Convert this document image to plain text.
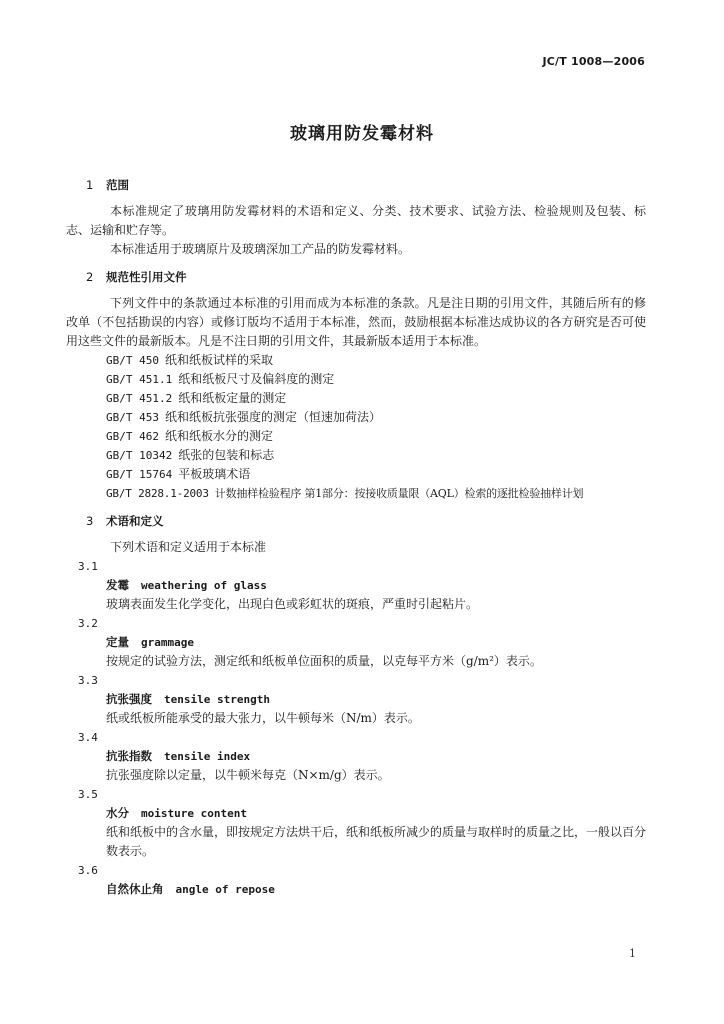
JC/T 1008—2006
玻璃用防发霉材料

1 范围

本标准规定了玻璃用防发霉材料的术语和定义、分类、技术要求、试验方法、检验规则及包装、标志、运输和贮存等。

本标准适用于玻璃原片及玻璃深加工产品的防发霉材料。

2 规范性引用文件

下列文件中的条款通过本标准的引用而成为本标准的条款。凡是注日期的引用文件，其随后所有的修改单（不包括勘误的内容）或修订版均不适用于本标准，然而，鼓励根据本标准达成协议的各方研究是否可使用这些文件的最新版本。凡是不注日期的引用文件，其最新版本适用于本标准。

GB/T 450 纸和纸板试样的采取
GB/T 451.1 纸和纸板尺寸及偏斜度的测定
GB/T 451.2 纸和纸板定量的测定
GB/T 453 纸和纸板抗张强度的测定（恒速加荷法）
GB/T 462 纸和纸板水分的测定
GB/T 10342 纸张的包装和标志
GB/T 15764 平板玻璃术语
GB/T 2828.1-2003 计数抽样检验程序 第1部分：按接收质量限（AQL）检索的逐批检验抽样计划

3 术语和定义

下列术语和定义适用于本标准

3.1

发霉 weathering of glass

玻璃表面发生化学变化，出现白色或彩虹状的斑痕，严重时引起粘片。

3.2

定量 grammage

按规定的试验方法，测定纸和纸板单位面积的质量，以克每平方米（g/m²）表示。

3.3

抗张强度 tensile strength

纸或纸板所能承受的最大张力，以牛顿每米（N/m）表示。

3.4

抗张指数 tensile index

抗张强度除以定量，以牛顿米每克（N×m/g）表示。

3.5

水分 moisture content

纸和纸板中的含水量，即按规定方法烘干后，纸和纸板所减少的质量与取样时的质量之比，一般以百分数表示。

3.6

自然休止角 angle of repose
1
